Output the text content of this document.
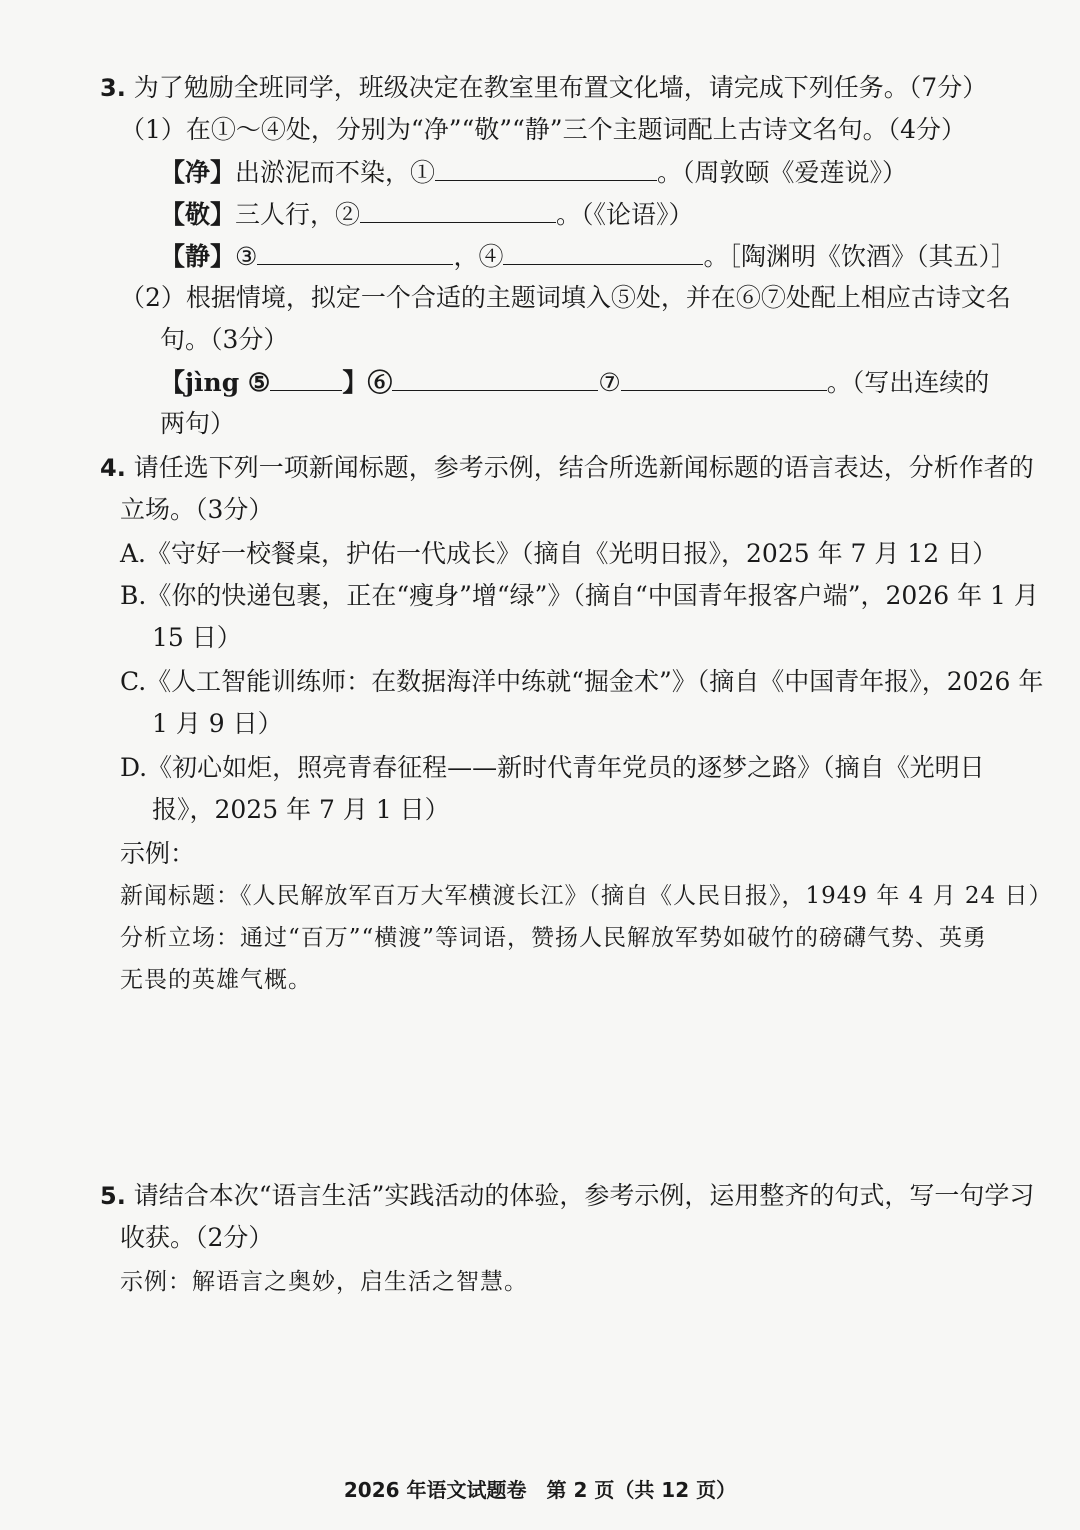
3. 为了勉励全班同学，班级决定在教室里布置文化墙，请完成下列任务。（7分）
（1）在①～④处，分别为“净”“敬”“静”三个主题词配上古诗文名句。（4分）
【净】出淤泥而不染，①	。（周敦颐《爱莲说》）
【敬】三人行，②	。（《论语》）
【静】③	，④	。［陶渊明《饮酒》（其五）］
（2）根据情境，拟定一个合适的主题词填入⑤处，并在⑥⑦处配上相应古诗文名
句。（3分）
【jìng ⑤	】⑥	⑦	。（写出连续的
两句）
4. 请任选下列一项新闻标题，参考示例，结合所选新闻标题的语言表达，分析作者的
立场。（3分）
A.《守好一校餐桌，护佑一代成长》（摘自《光明日报》，2025 年 7 月 12 日）
B.《你的快递包裹，正在“瘦身”增“绿”》（摘自“中国青年报客户端”，2026 年 1 月
15 日）
C.《人工智能训练师：在数据海洋中练就“掘金术”》（摘自《中国青年报》，2026 年
1 月 9 日）
D.《初心如炬，照亮青春征程——新时代青年党员的逐梦之路》（摘自《光明日
报》，2025 年 7 月 1 日）
示例：
新闻标题：《人民解放军百万大军横渡长江》（摘自《人民日报》，1949 年 4 月 24 日）
分析立场：通过“百万”“横渡”等词语，赞扬人民解放军势如破竹的磅礴气势、英勇
无畏的英雄气概。
5. 请结合本次“语言生活”实践活动的体验，参考示例，运用整齐的句式，写一句学习
收获。（2分）
示例：解语言之奥妙，启生活之智慧。
2026 年语文试题卷　第 2 页（共 12 页）
